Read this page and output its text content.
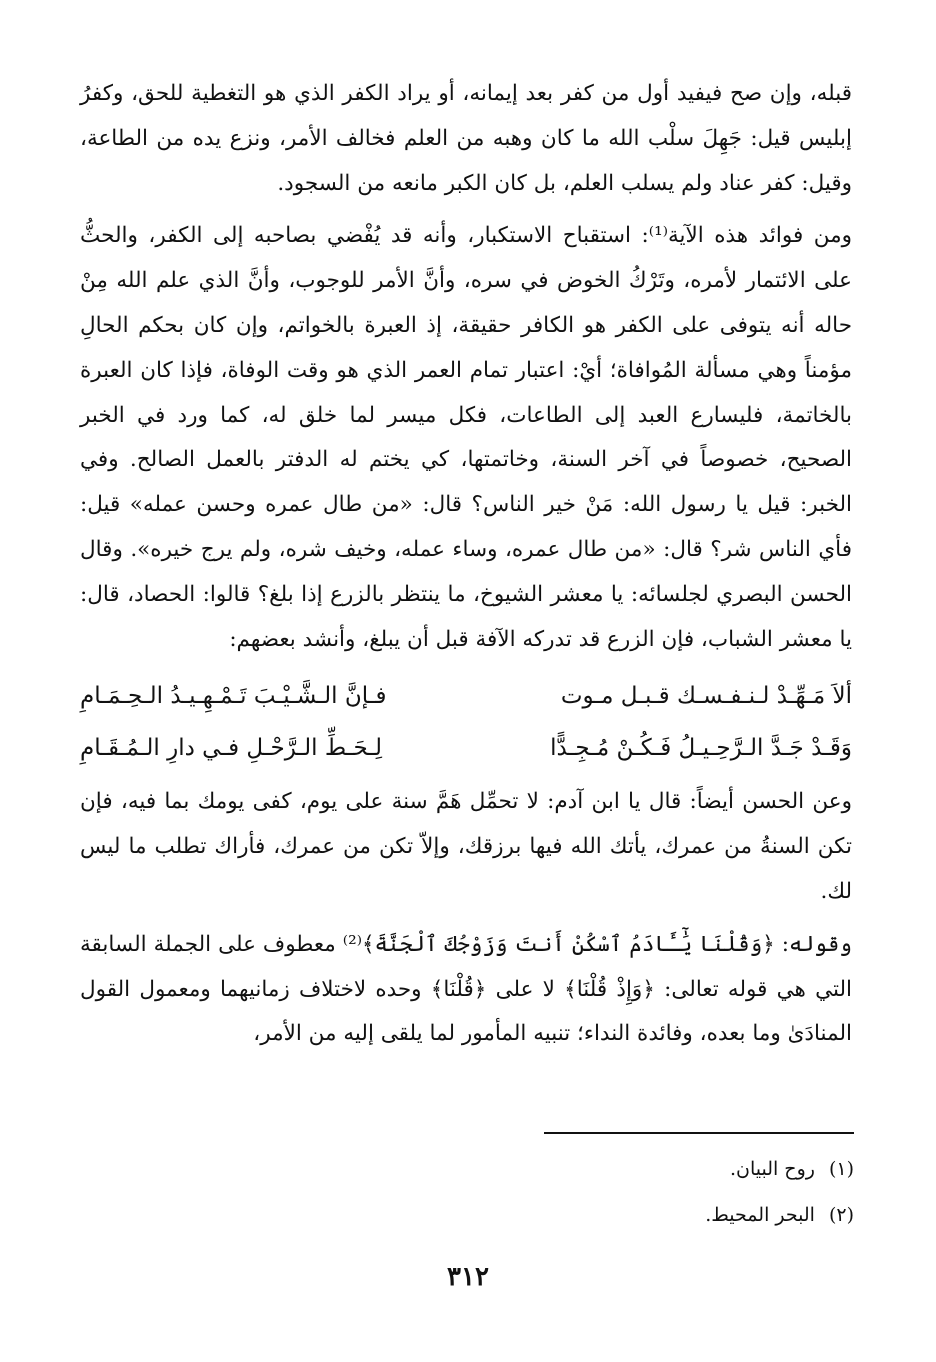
قبله، وإن صح فيفيد أول من كفر بعد إيمانه، أو يراد الكفر الذي هو التغطية للحق، وكفرُ إبليس قيل: جَهِلَ سلْب الله ما كان وهبه من العلم فخالف الأمر، ونزع يده من الطاعة، وقيل: كفر عناد ولم يسلب العلم، بل كان الكبر مانعه من السجود.

ومن فوائد هذه الآية⁽¹⁾: استقباح الاستكبار، وأنه قد يُفْضي بصاحبه إلى الكفر، والحثُّ على الائتمار لأمره، وتَرْكُ الخوض في سره، وأنَّ الأمر للوجوب، وأنَّ الذي علم الله مِنْ حاله أنه يتوفى على الكفر هو الكافر حقيقة، إذ العبرة بالخواتم، وإن كان بحكم الحالِ مؤمناً وهي مسألة المُوافاة؛ أيْ: اعتبار تمام العمر الذي هو وقت الوفاة، فإذا كان العبرة بالخاتمة، فليسارع العبد إلى الطاعات، فكل ميسر لما خلق له، كما ورد في الخبر الصحيح، خصوصاً في آخر السنة، وخاتمتها، كي يختم له الدفتر بالعمل الصالح. وفي الخبر: قيل يا رسول الله: مَنْ خير الناس؟ قال: «من طال عمره وحسن عمله» قيل: فأي الناس شر؟ قال: «من طال عمره، وساء عمله، وخيف شره، ولم يرج خيره». وقال الحسن البصري لجلسائه: يا معشر الشيوخ، ما ينتظر بالزرع إذا بلغ؟ قالوا: الحصاد، قال: يا معشر الشباب، فإن الزرع قد تدركه الآفة قبل أن يبلغ، وأنشد بعضهم:

ألاَ مَـهِّـدْ لـنـفـسـك قـبـل مـوت
فـإنَّ الـشَّـيْـبَ تَـمْـهِـيـدُ الـحِـمَـامِ
وَقَـدْ جَـدَّ الـرَّحِـيـلُ فَـكُـنْ مُـجِـدًّا
لِـحَـطِّ الـرَّحْـلِ فـي دارِ الـمُـقَـامِ

وعن الحسن أيضاً: قال يا ابن آدم: لا تحمِّل هَمَّ سنة على يوم، كفى يومك بما فيه، فإن تكن السنةُ من عمرك، يأتك الله فيها برزقك، وإلاّ تكن من عمرك، فأراك تطلب ما ليس لك.

وقوله: ﴿وَقُلْنَا يَٰٓـَٔادَمُ ٱسْكُنْ أَنتَ وَزَوْجُكَ ٱلْجَنَّةَ﴾⁽²⁾ معطوف على الجملة السابقة التي هي قوله تعالى: ﴿وَإِذْ قُلْنَا﴾ لا على ﴿قُلْنَا﴾ وحده لاختلاف زمانيهما ومعمول القول المنادَىٰ وما بعده، وفائدة النداء؛ تنبيه المأمور لما يلقى إليه من الأمر،

(١)روح البيان.

(٢)البحر المحيط.

٣١٢
